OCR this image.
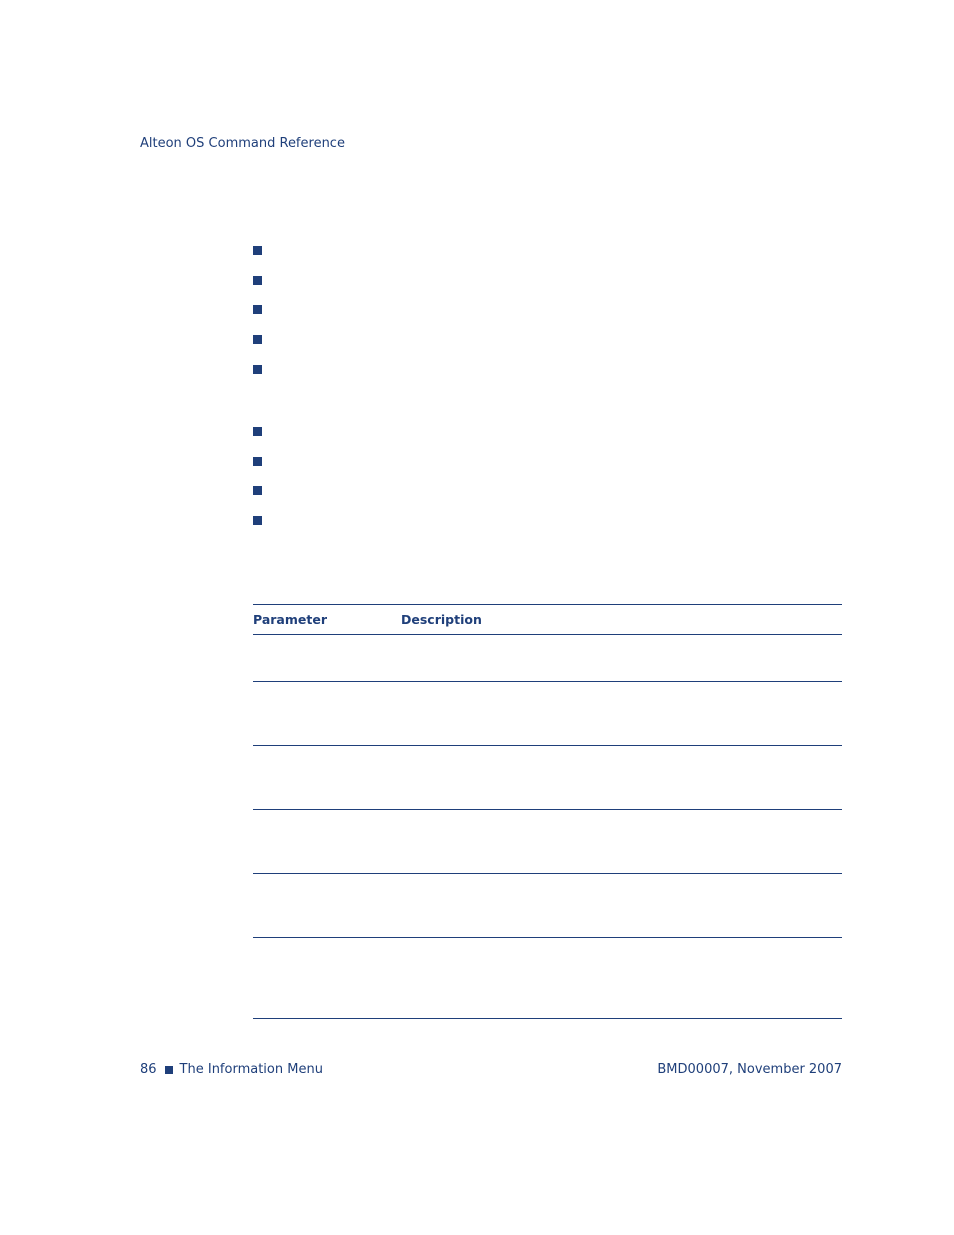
Alteon OS Command Reference
Parameter	Description

86 The Information Menu	BMD00007, November 2007
